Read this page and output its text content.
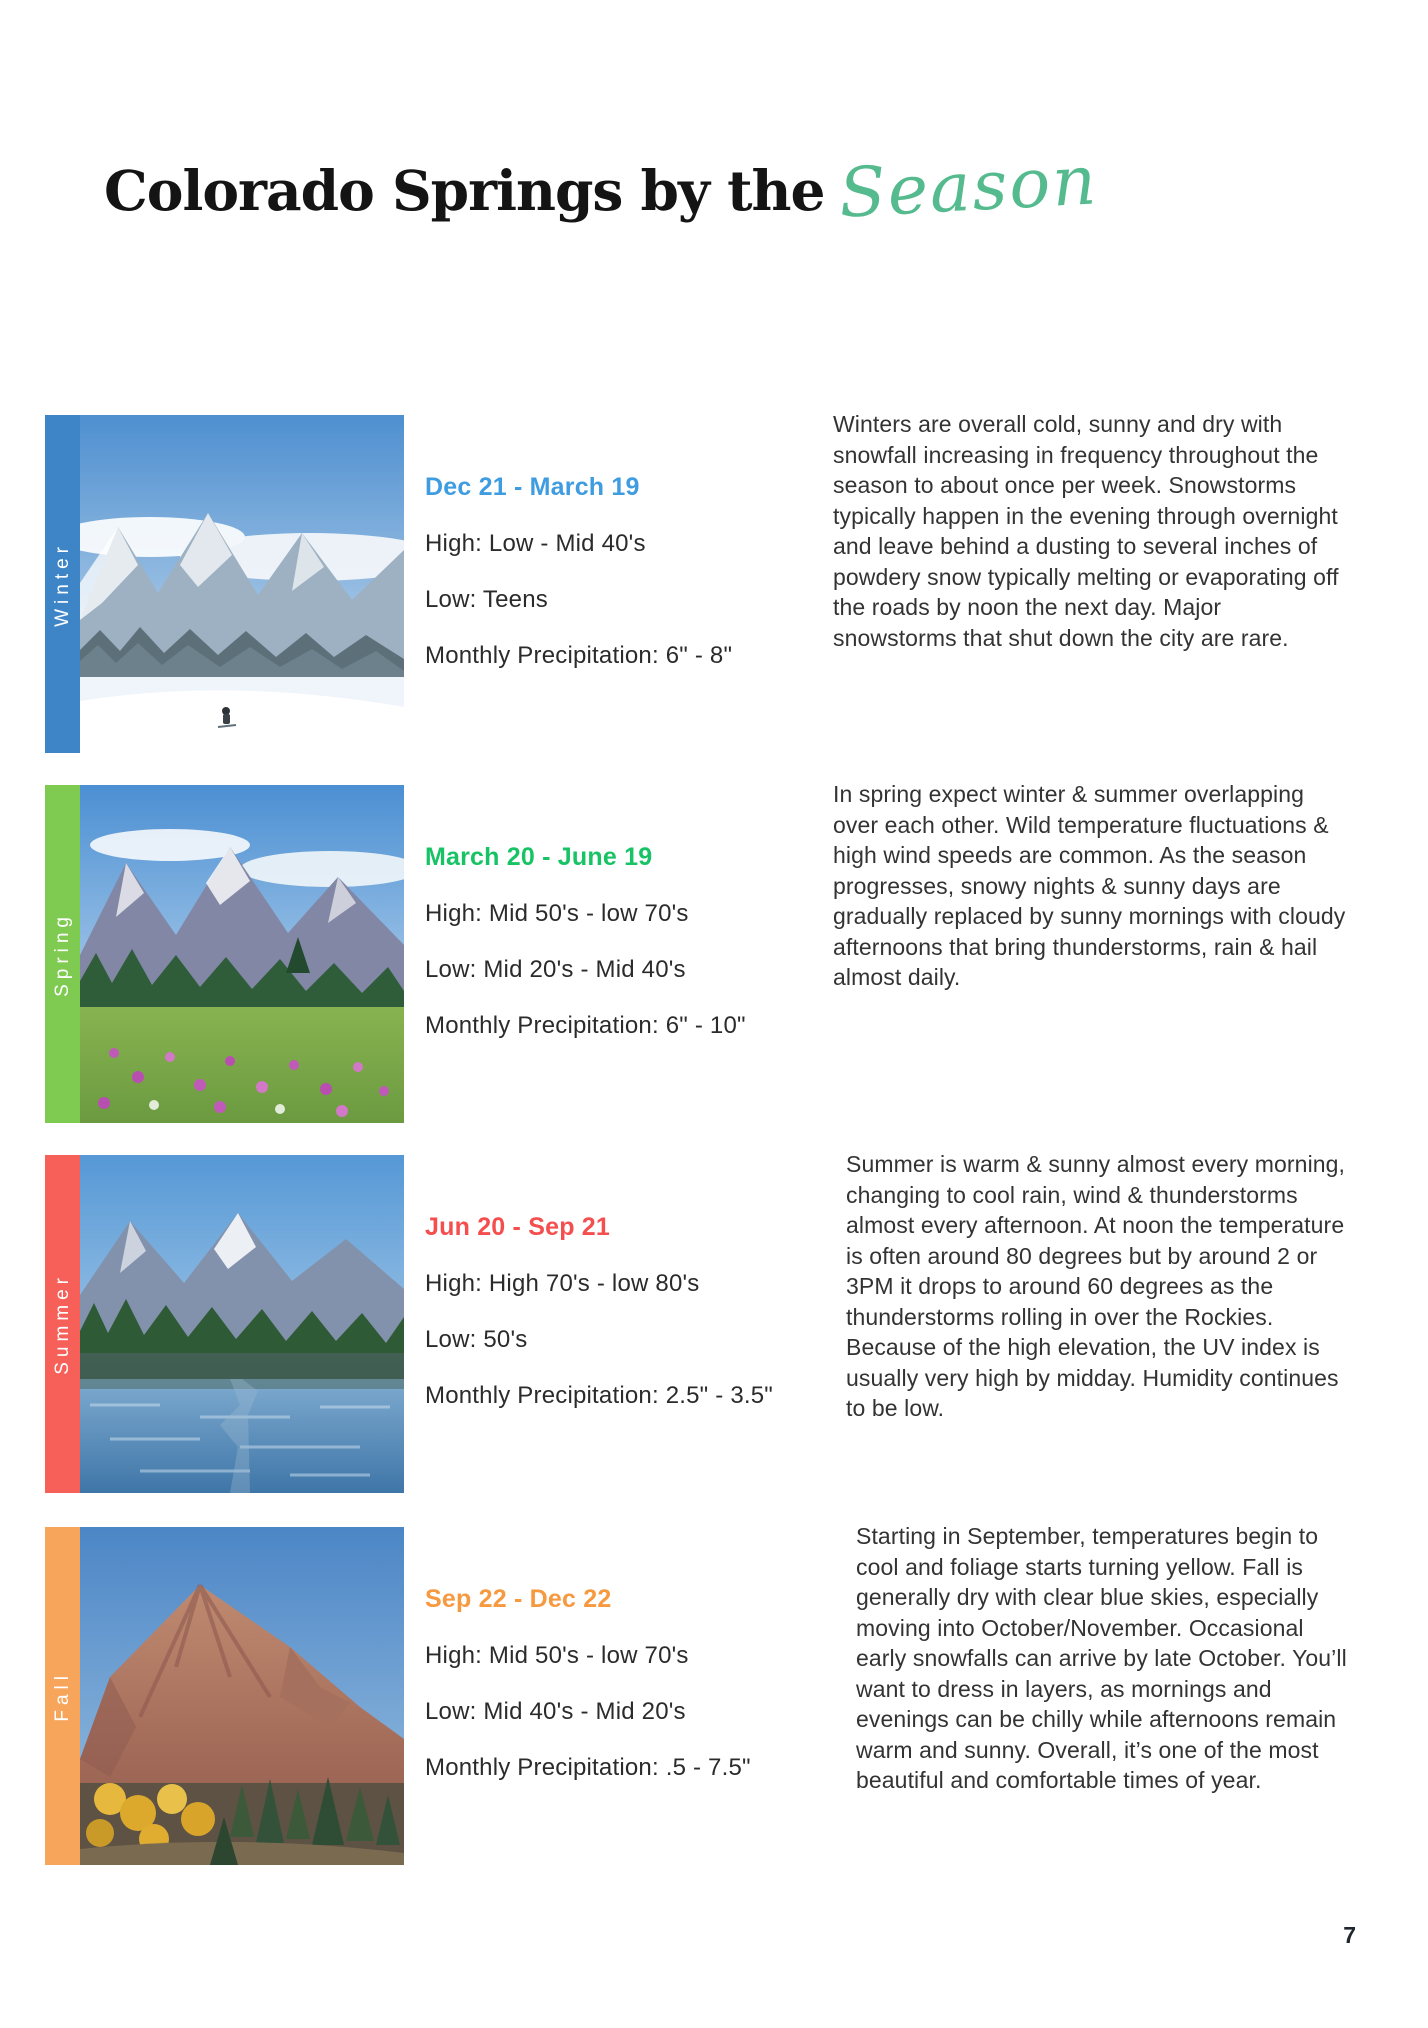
Colorado Springs by the Season
Winter
Dec 21 - March 19
High: Low - Mid 40's
Low: Teens
Monthly Precipitation: 6" - 8"
Winters are overall cold, sunny and dry with snowfall increasing in frequency throughout the season to about once per week. Snowstorms typically happen in the evening through overnight and leave behind a dusting to several inches of powdery snow typically melting or evaporating off the roads by noon the next day. Major snowstorms that shut down the city are rare.
Spring
March 20 - June 19
High: Mid 50's - low 70's
Low: Mid 20's - Mid 40's
Monthly Precipitation: 6" - 10"
In spring expect winter & summer overlapping over each other. Wild temperature fluctuations & high wind speeds are common. As the season progresses, snowy nights & sunny days are gradually replaced by sunny mornings with cloudy afternoons that bring thunderstorms, rain & hail almost daily.
Summer
Jun 20 - Sep 21
High: High 70's - low 80's
Low: 50's
Monthly Precipitation: 2.5" - 3.5"
Summer is warm & sunny almost every morning, changing to cool rain, wind & thunderstorms almost every afternoon. At noon the temperature is often around 80 degrees but by around 2 or 3PM it drops to around 60 degrees as the thunderstorms rolling in over the Rockies. Because of the high elevation, the UV index is usually very high by midday. Humidity continues to be low.
Fall
Sep 22 - Dec 22
High: Mid 50's - low 70's
Low: Mid 40's - Mid 20's
Monthly Precipitation: .5 - 7.5"
Starting in September, temperatures begin to cool and foliage starts turning yellow. Fall is generally dry with clear blue skies, especially moving into October/November. Occasional early snowfalls can arrive by late October. You’ll want to dress in layers, as mornings and evenings can be chilly while afternoons remain warm and sunny. Overall, it’s one of the most beautiful and comfortable times of year.
7
